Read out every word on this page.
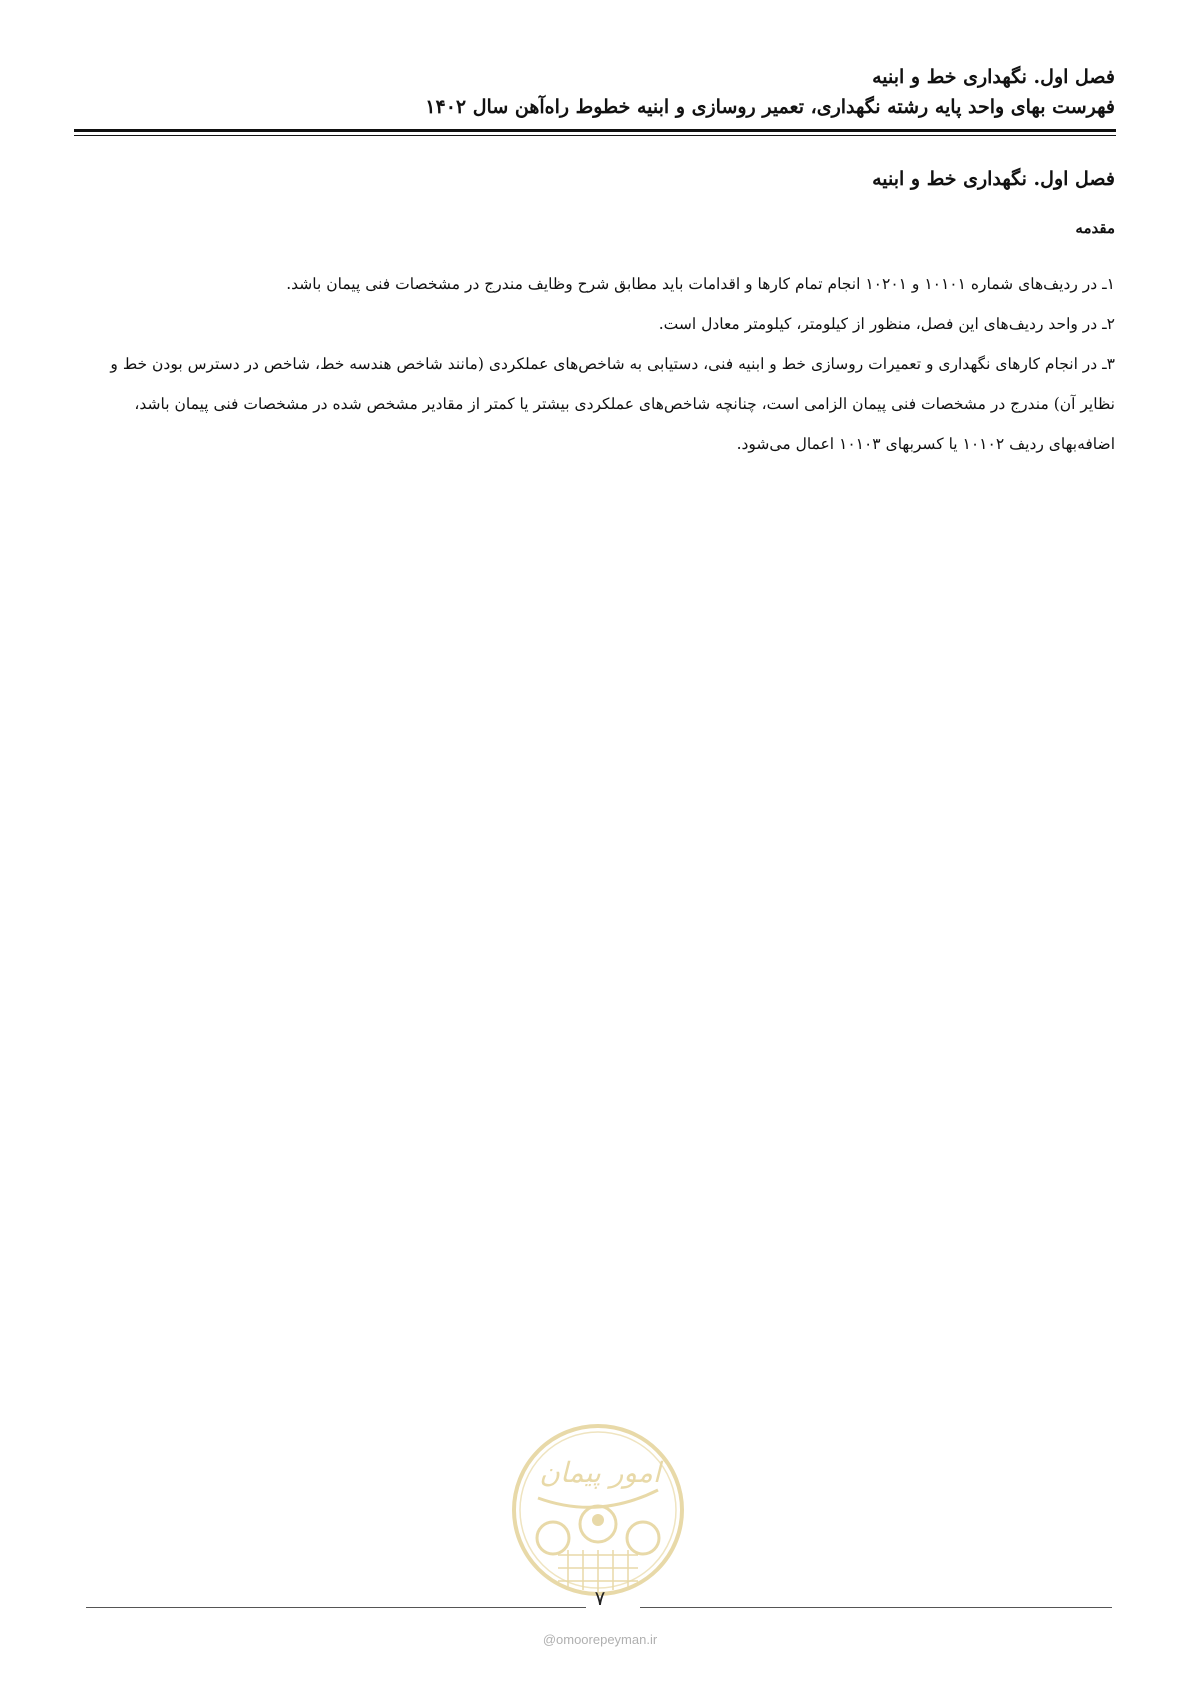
فصل اول. نگهداری خط و ابنیه
فهرست بهای واحد پایه رشته نگهداری، تعمیر روسازی و ابنیه خطوط راه‌آهن سال ۱۴۰۲
فصل اول. نگهداری خط و ابنیه
مقدمه

۱ـ در ردیف‌های شماره ۱۰۱۰۱ و ۱۰۲۰۱ انجام تمام کارها و اقدامات باید مطابق شرح وظایف مندرج در مشخصات فنی پیمان باشد.

۲ـ در واحد ردیف‌های این فصل، منظور از کیلومتر، کیلومتر معادل است.

۳ـ در انجام کارهای نگهداری و تعمیرات روسازی خط و ابنیه فنی، دستیابی به شاخص‌های عملکردی (مانند شاخص هندسه خط، شاخص در دسترس بودن خط و نظایر آن) مندرج در مشخصات فنی پیمان الزامی است، چنانچه شاخص‌های عملکردی بیشتر یا کمتر از مقادیر مشخص شده در مشخصات فنی پیمان باشد، اضافه‌بهای ردیف ۱۰۱۰۲ یا کسربهای ۱۰۱۰۳ اعمال می‌شود.

امور پیمان
۷
@omoorepeyman.ir
